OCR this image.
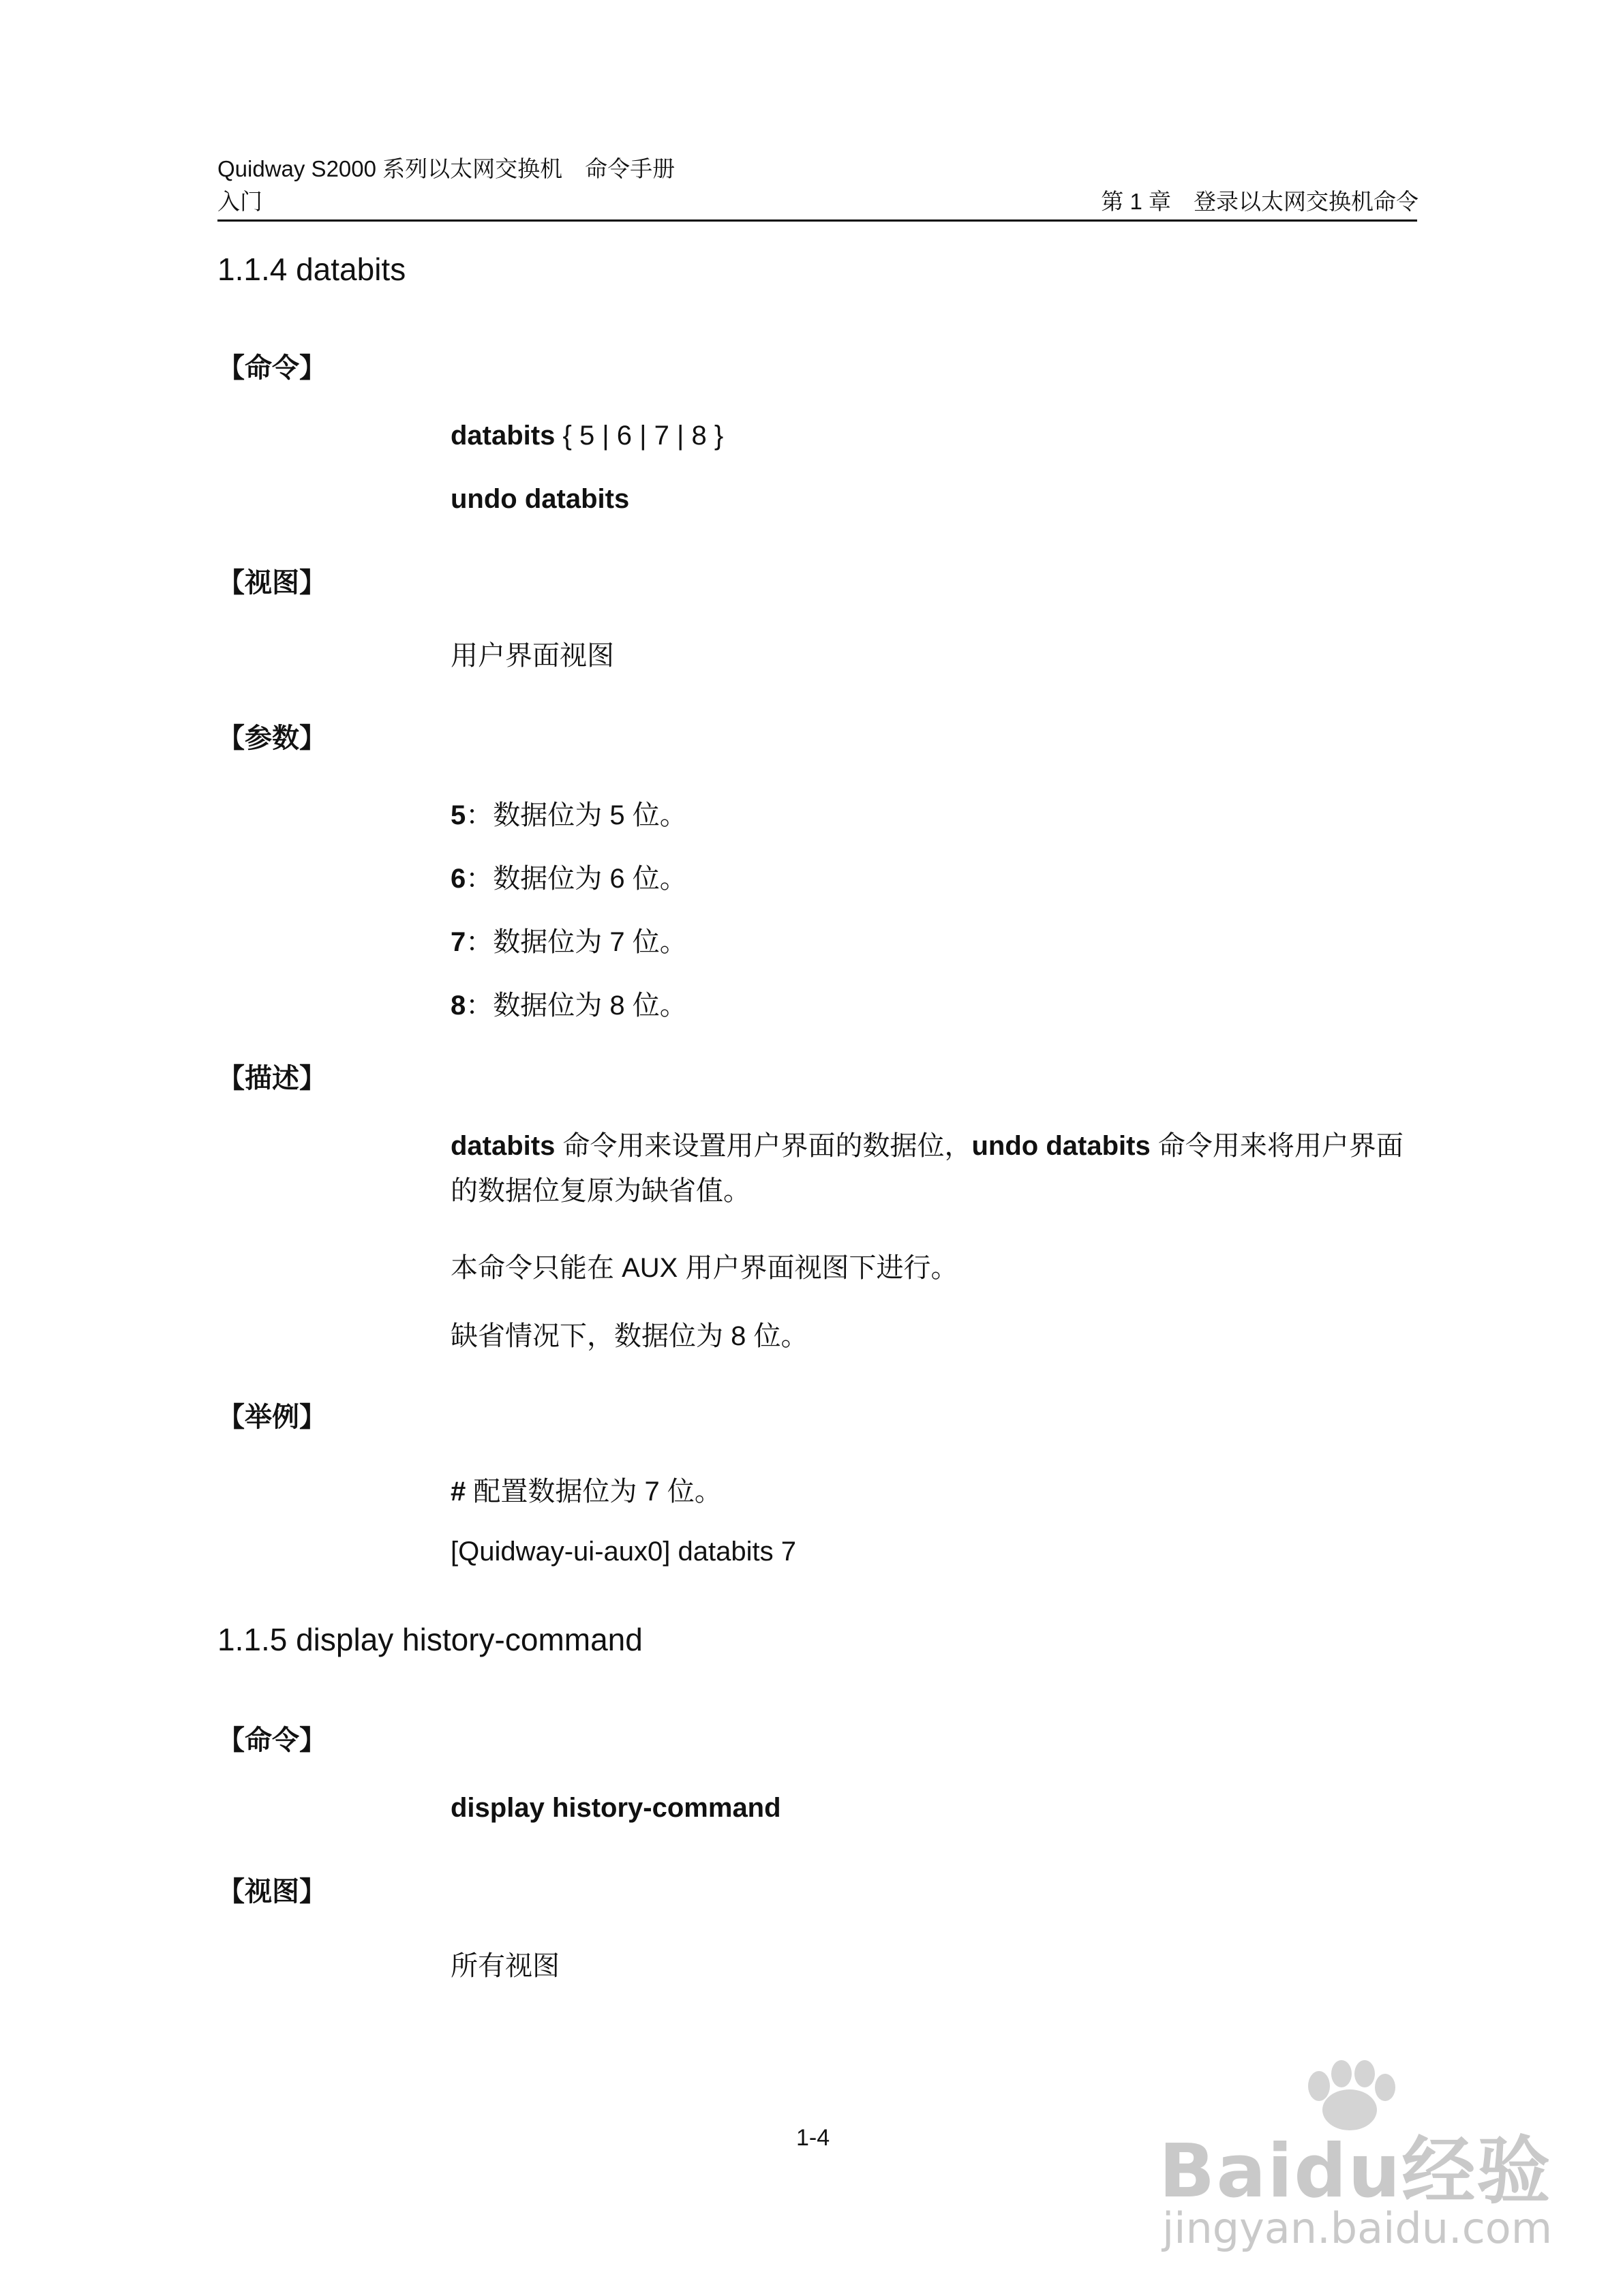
Quidway S2000 系列以太网交换机　命令手册
入门	第 1 章　登录以太网交换机命令
1.1.4 databits
【命令】
databits { 5 | 6 | 7 | 8 }
undo databits
【视图】
用户界面视图
【参数】
5：数据位为 5 位。
6：数据位为 6 位。
7：数据位为 7 位。
8：数据位为 8 位。
【描述】
databits 命令用来设置用户界面的数据位，undo databits 命令用来将用户界面的数据位复原为缺省值。
本命令只能在 AUX 用户界面视图下进行。
缺省情况下，数据位为 8 位。
【举例】
# 配置数据位为 7 位。
[Quidway-ui-aux0] databits 7
1.1.5 display history-command
【命令】
display history-command
【视图】
所有视图
1-4	Baidu经验
jingyan.baidu.com
